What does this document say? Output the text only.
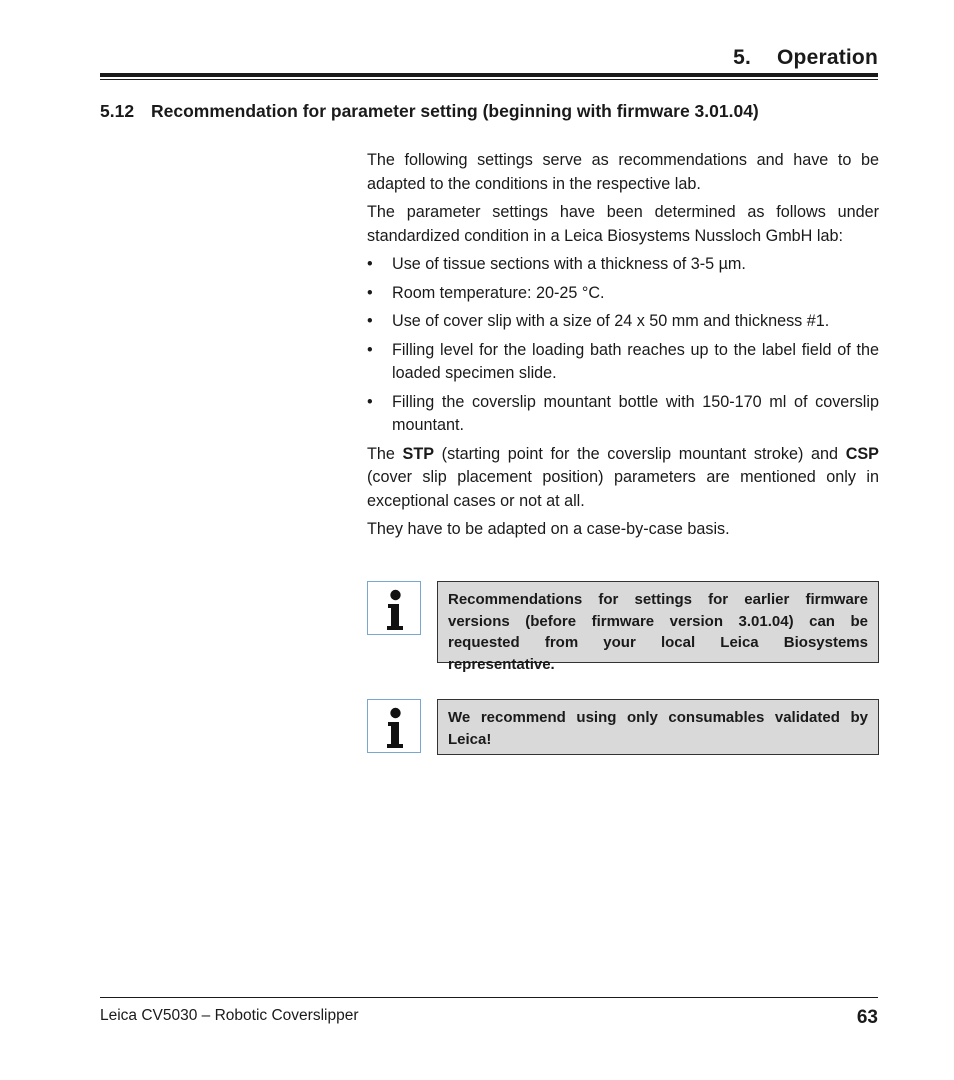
5. Operation
5.12 Recommendation for parameter setting (beginning with firmware 3.01.04)

The following settings serve as recommendations and have to be adapted to the conditions in the respective lab.

The parameter settings have been determined as follows under standardized condition in a Leica Biosystems Nussloch GmbH lab:

• Use of tissue sections with a thickness of 3-5 µm.
• Room temperature: 20-25 °C.
• Use of cover slip with a size of 24 x 50 mm and thickness #1.
• Filling level for the loading bath reaches up to the label field of the loaded specimen slide.
• Filling the coverslip mountant bottle with 150-170 ml of coverslip mountant.

The STP (starting point for the coverslip mountant stroke) and CSP (cover slip placement position) parameters are mentioned only in exceptional cases or not at all.

They have to be adapted on a case-by-case basis.

Recommendations for settings for earlier firmware versions (before firmware version 3.01.04) can be requested from your local Leica Biosystems representative.
We recommend using only consumables validated by Leica!
Leica CV5030 – Robotic Coverslipper	63
